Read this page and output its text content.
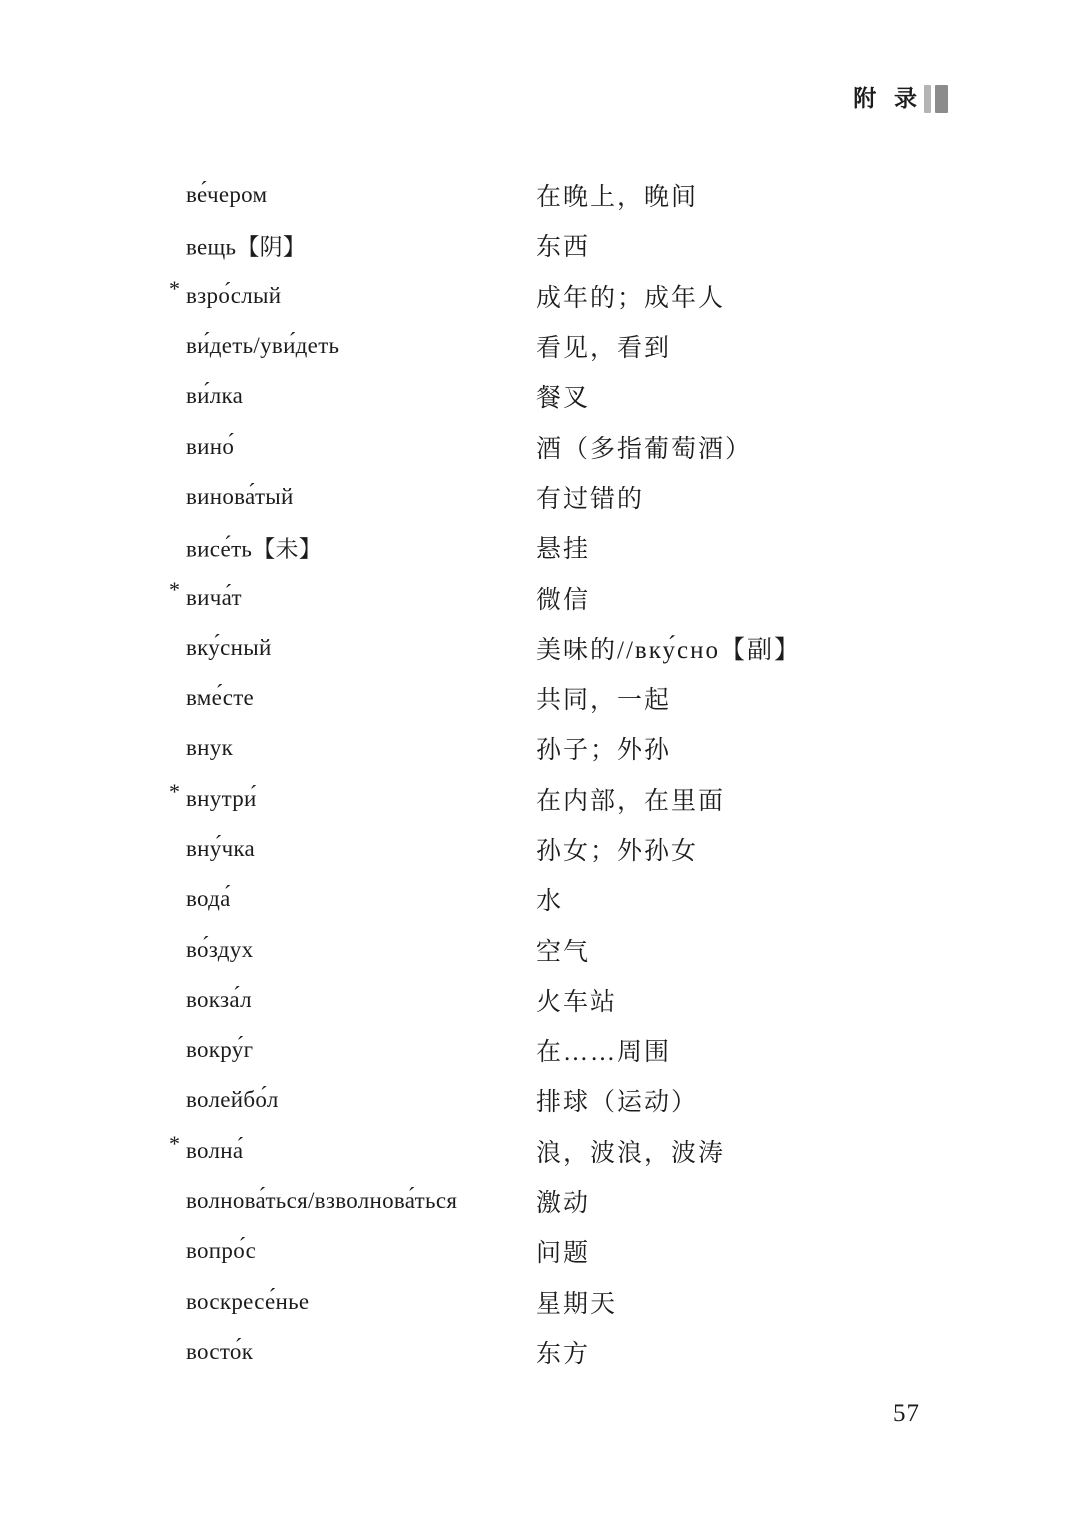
附 录
ве́чером	在晚上，晚间
вещь【阴】	东西
* взро́слый	成年的；成年人
ви́деть/уви́деть	看见，看到
ви́лка	餐叉
вино́	酒（多指葡萄酒）
винова́тый	有过错的
висе́ть【未】	悬挂
* вича́т	微信
вку́сный	美味的//вку́сно【副】
вме́сте	共同，一起
внук	孙子；外孙
* внутри́	在内部，在里面
вну́чка	孙女；外孙女
вода́	水
во́здух	空气
вокза́л	火车站
вокру́г	在……周围
волейбо́л	排球（运动）
* волна́	浪，波浪，波涛
волнова́ться/взволнова́ться	激动
вопро́с	问题
воскресе́нье	星期天
восто́к	东方
57
